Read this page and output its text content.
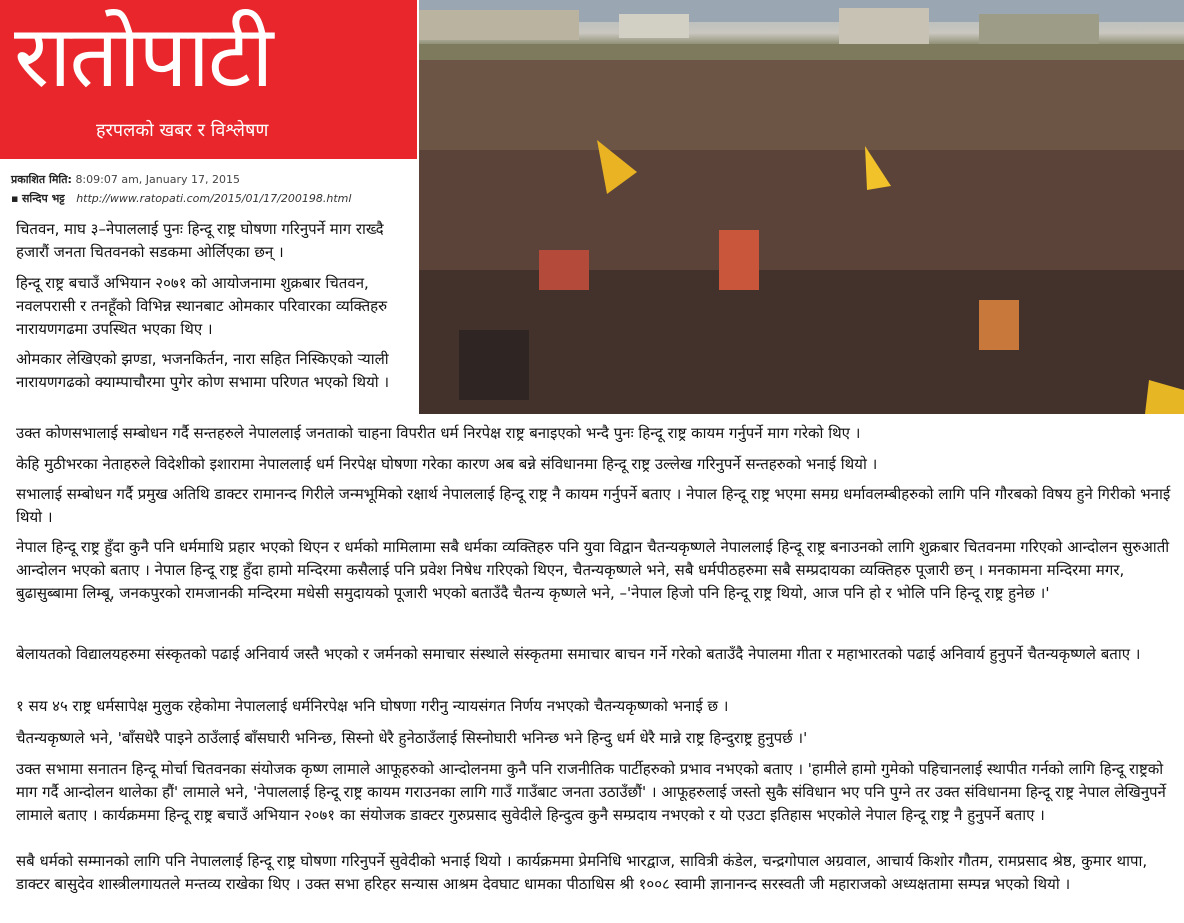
रातोपाटी
हरपलको खबर र विश्लेषण
प्रकाशित मिति: 8:09:07 am, January 17, 2015
▪ सन्दिप भट्ट http://www.ratopati.com/2015/01/17/200198.html

चितवन, माघ ३–नेपाललाई पुनः हिन्दू राष्ट्र घोषणा गरिनुपर्ने माग राख्दै हजारौं जनता चितवनको सडकमा ओर्लिएका छन् ।

हिन्दू राष्ट्र बचाउँ अभियान २०७१ को आयोजनामा शुक्रबार चितवन, नवलपरासी र तनहूँको विभिन्न स्थानबाट ओमकार परिवारका व्यक्तिहरु नारायणगढमा उपस्थित भएका थिए ।

ओमकार लेखिएको झण्डा, भजनकिर्तन, नारा सहित निस्किएको र्‍याली नारायणगढको क्याम्पाचौरमा पुगेर कोण सभामा परिणत भएको थियो ।

उक्त कोणसभालाई सम्बोधन गर्दै सन्तहरुले नेपाललाई जनताको चाहना विपरीत धर्म निरपेक्ष राष्ट्र बनाइएको भन्दै पुनः हिन्दू राष्ट्र कायम गर्नुपर्ने माग गरेको थिए ।

केहि मुठीभरका नेताहरुले विदेशीको इशारामा नेपाललाई धर्म निरपेक्ष घोषणा गरेका कारण अब बन्ने संविधानमा हिन्दू राष्ट्र उल्लेख गरिनुपर्ने सन्तहरुको भनाई थियो ।

सभालाई सम्बोधन गर्दै प्रमुख अतिथि डाक्टर रामानन्द गिरीले जन्मभूमिको रक्षार्थ नेपाललाई हिन्दू राष्ट्र नै कायम गर्नुपर्ने बताए । नेपाल हिन्दू राष्ट्र भएमा समग्र धर्मावलम्बीहरुको लागि पनि गौरबको विषय हुने गिरीको भनाई थियो ।

नेपाल हिन्दू राष्ट्र हुँदा कुनै पनि धर्ममाथि प्रहार भएको थिएन र धर्मको मामिलामा सबै धर्मका व्यक्तिहरु पनि युवा विद्वान चैतन्यकृष्णले नेपाललाई हिन्दू राष्ट्र बनाउनको लागि शुक्रबार चितवनमा गरिएको आन्दोलन सुरुआती आन्दोलन भएको बताए । नेपाल हिन्दू राष्ट्र हुँदा हामो मन्दिरमा कसैलाई पनि प्रवेश निषेध गरिएको थिएन, चैतन्यकृष्णले भने, सबै धर्मपीठहरुमा सबै सम्प्रदायका व्यक्तिहरु पूजारी छन् । मनकामना मन्दिरमा मगर, बुढासुब्बामा लिम्बू, जनकपुरको रामजानकी मन्दिरमा मधेसी समुदायको पूजारी भएको बताउँदै चैतन्य कृष्णले भने, –'नेपाल हिजो पनि हिन्दू राष्ट्र थियो, आज पनि हो र भोलि पनि हिन्दू राष्ट्र हुनेछ ।'

बेलायतको विद्यालयहरुमा संस्कृतको पढाई अनिवार्य जस्तै भएको र जर्मनको समाचार संस्थाले संस्कृतमा समाचार बाचन गर्ने गरेको बताउँदै नेपालमा गीता र महाभारतको पढाई अनिवार्य हुनुपर्ने चैतन्यकृष्णले बताए ।

१ सय ४५ राष्ट्र धर्मसापेक्ष मुलुक रहेकोमा नेपाललाई धर्मनिरपेक्ष भनि घोषणा गरीनु न्यायसंगत निर्णय नभएको चैतन्यकृष्णको भनाई छ ।

चैतन्यकृष्णले भने, 'बाँसधेरै पाइने ठाउँलाई बाँसघारी भनिन्छ, सिस्नो धेरै हुनेठाउँलाई सिस्नोघारी भनिन्छ भने हिन्दु धर्म धेरै मान्ने राष्ट्र हिन्दुराष्ट्र हुनुपर्छ ।'

उक्त सभामा सनातन हिन्दू मोर्चा चितवनका संयोजक कृष्ण लामाले आफूहरुको आन्दोलनमा कुनै पनि राजनीतिक पार्टीहरुको प्रभाव नभएको बताए । 'हामीले हामो गुमेको पहिचानलाई स्थापीत गर्नको लागि हिन्दू राष्ट्रको माग गर्दै आन्दोलन थालेका हौं' लामाले भने, 'नेपाललाई हिन्दू राष्ट्र कायम गराउनका लागि गाउँ गाउँबाट जनता उठाउँछौं' । आफूहरुलाई जस्तो सुकै संविधान भए पनि पुग्ने तर उक्त संविधानमा हिन्दू राष्ट्र नेपाल लेखिनुपर्ने लामाले बताए । कार्यक्रममा हिन्दू राष्ट्र बचाउँ अभियान २०७१ का संयोजक डाक्टर गुरुप्रसाद सुवेदीले हिन्दुत्व कुनै सम्प्रदाय नभएको र यो एउटा इतिहास भएकोले नेपाल हिन्दू राष्ट्र नै हुनुपर्ने बताए ।

सबै धर्मको सम्मानको लागि पनि नेपाललाई हिन्दू राष्ट्र घोषणा गरिनुपर्ने सुवेदीको भनाई थियो । कार्यक्रममा प्रेमनिधि भारद्वाज, सावित्री कंडेल, चन्द्रगोपाल अग्रवाल, आचार्य किशोर गौतम, रामप्रसाद श्रेष्ठ, कुमार थापा, डाक्टर बासुदेव शास्त्रीलगायतले मन्तव्य राखेका थिए । उक्त सभा हरिहर सन्यास आश्रम देवघाट धामका पीठाधिस श्री १००८ स्वामी ज्ञानानन्द सरस्वती जी महाराजको अध्यक्षतामा सम्पन्न भएको थियो ।
